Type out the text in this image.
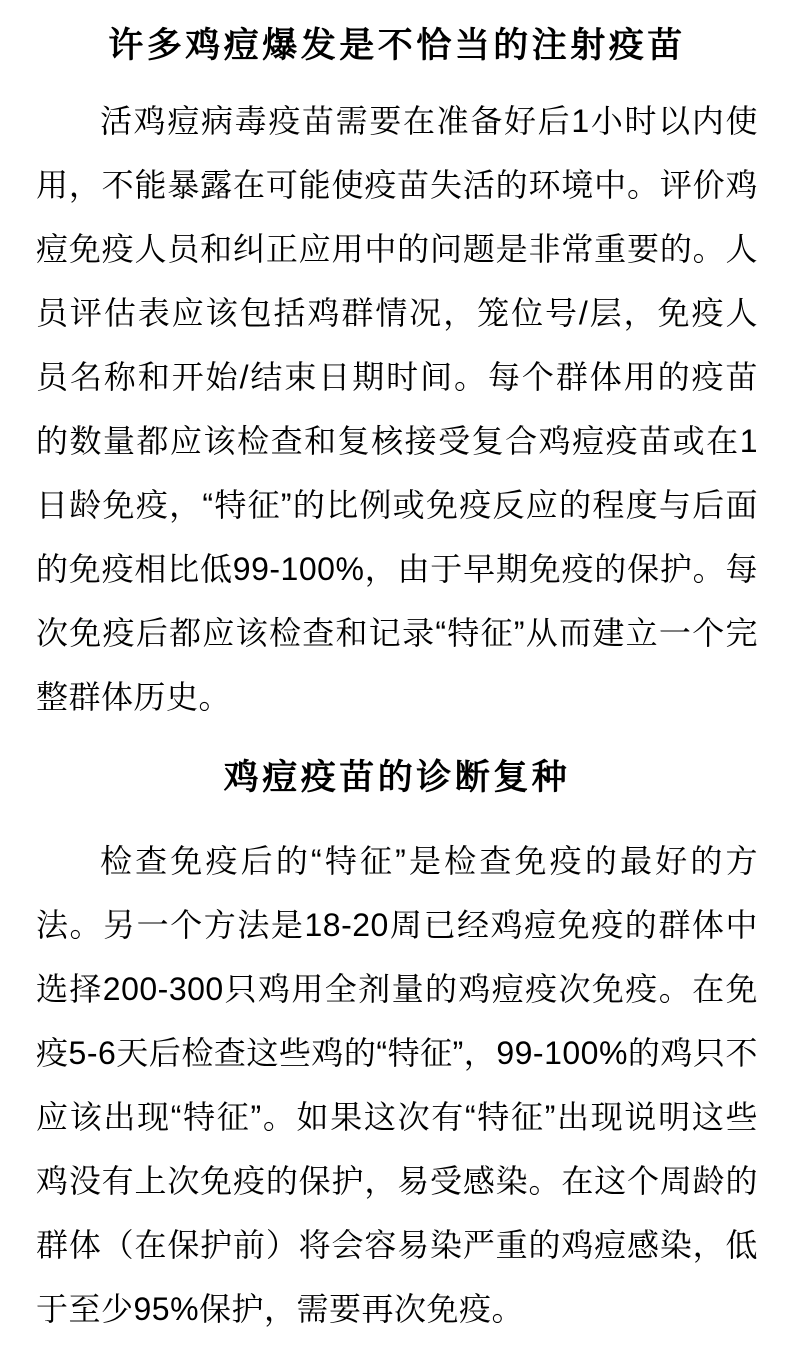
许多鸡痘爆发是不恰当的注射疫苗

活鸡痘病毒疫苗需要在准备好后1小时以内使用，不能暴露在可能使疫苗失活的环境中。评价鸡痘免疫人员和纠正应用中的问题是非常重要的。人员评估表应该包括鸡群情况，笼位号/层，免疫人员名称和开始/结束日期时间。每个群体用的疫苗的数量都应该检查和复核接受复合鸡痘疫苗或在1日龄免疫，“特征”的比例或免疫反应的程度与后面的免疫相比低99-100%，由于早期免疫的保护。每次免疫后都应该检查和记录“特征”从而建立一个完整群体历史。

鸡痘疫苗的诊断复种

检查免疫后的“特征”是检查免疫的最好的方法。另一个方法是18-20周已经鸡痘免疫的群体中选择200-300只鸡用全剂量的鸡痘疫次免疫。在免疫5-6天后检查这些鸡的“特征”，99-100%的鸡只不应该出现“特征”。如果这次有“特征”出现说明这些鸡没有上次免疫的保护，易受感染。在这个周龄的群体（在保护前）将会容易染严重的鸡痘感染，低于至少95%保护，需要再次免疫。
